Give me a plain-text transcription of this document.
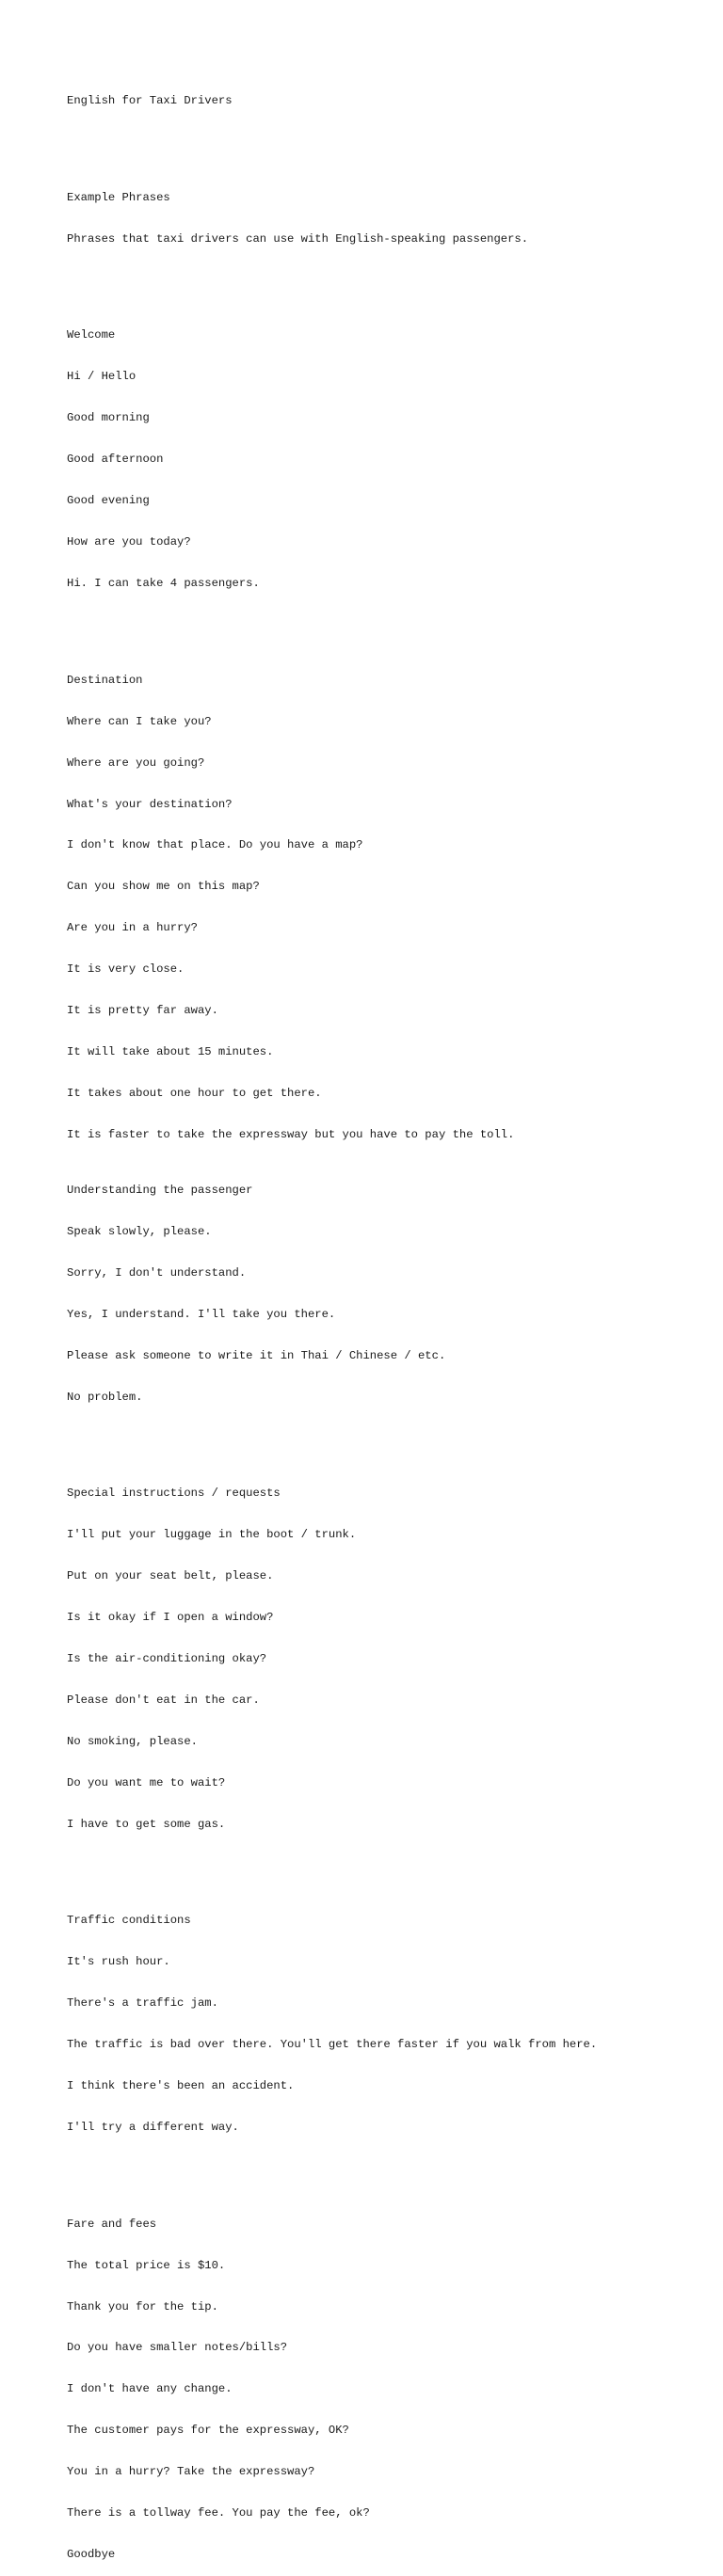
English for Taxi Drivers

Example Phrases

Phrases that taxi drivers can use with English-speaking passengers.

Welcome

Hi / Hello

Good morning

Good afternoon

Good evening

How are you today?

Hi. I can take 4 passengers.

Destination

Where can I take you?

Where are you going?

What's your destination?

I don't know that place. Do you have a map?

Can you show me on this map?

Are you in a hurry?

It is very close.

It is pretty far away.

It will take about 15 minutes.

It takes about one hour to get there.

It is faster to take the expressway but you have to pay the toll.

Understanding the passenger

Speak slowly, please.

Sorry, I don't understand.

Yes, I understand. I'll take you there.

Please ask someone to write it in Thai / Chinese / etc.

No problem.

Special instructions / requests

I'll put your luggage in the boot / trunk.

Put on your seat belt, please.

Is it okay if I open a window?

Is the air-conditioning okay?

Please don't eat in the car.

No smoking, please.

Do you want me to wait?

I have to get some gas.

Traffic conditions

It's rush hour.

There's a traffic jam.

The traffic is bad over there. You'll get there faster if you walk from here.

I think there's been an accident.

I'll try a different way.

Fare and fees

The total price is $10.

Thank you for the tip.

Do you have smaller notes/bills?

I don't have any change.

The customer pays for the expressway, OK?

You in a hurry? Take the expressway?

There is a tollway fee. You pay the fee, ok?

Goodbye
